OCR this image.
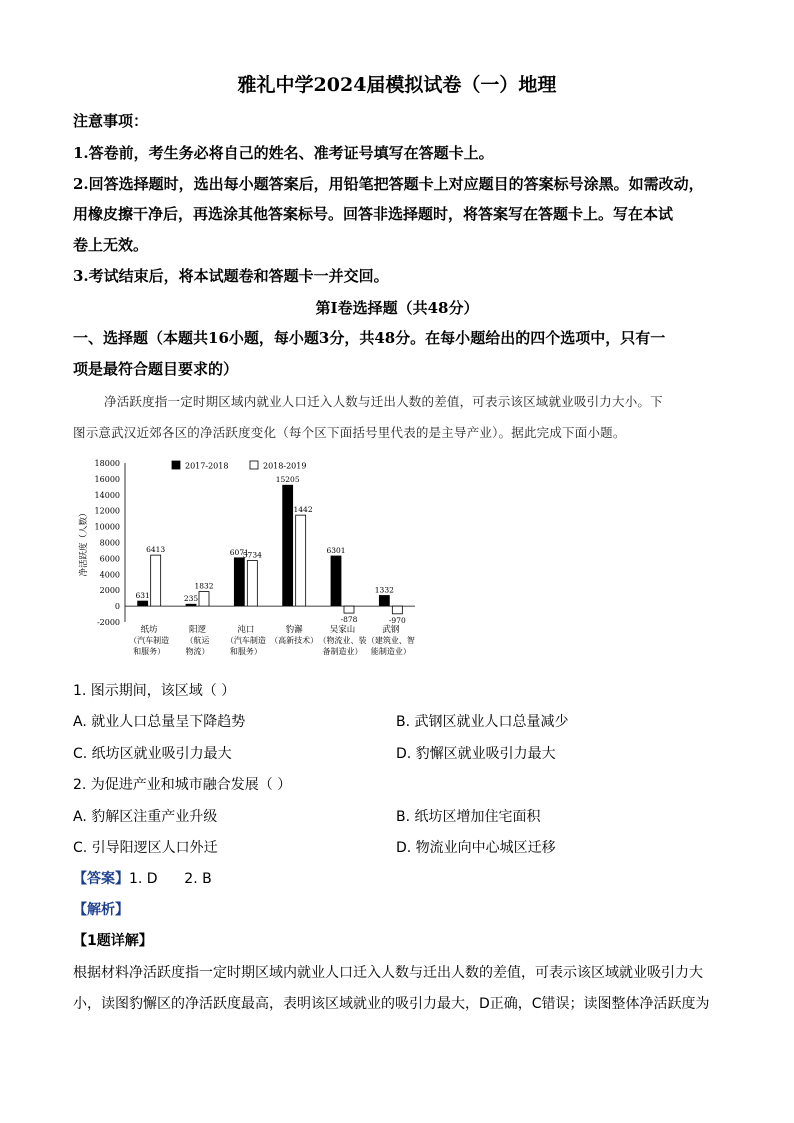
雅礼中学2024届模拟试卷（一）地理
注意事项：
1.答卷前，考生务必将自己的姓名、准考证号填写在答题卡上。
2.回答选择题时，选出每小题答案后，用铅笔把答题卡上对应题目的答案标号涂黑。如需改动，
用橡皮擦干净后，再选涂其他答案标号。回答非选择题时，将答案写在答题卡上。写在本试
卷上无效。
3.考试结束后，将本试题卷和答题卡一并交回。
第Ⅰ卷选择题（共48分）
一、选择题（本题共16小题，每小题3分，共48分。在每小题给出的四个选项中，只有一
项是最符合题目要求的）
净活跃度指一定时期区域内就业人口迁入人数与迁出人数的差值，可表示该区域就业吸引力大小。下
图示意武汉近郊各区的净活跃度变化（每个区下面括号里代表的是主导产业）。据此完成下面小题。
18000
16000
14000
12000
10000
8000
6000
4000
2000
0
-2000
净活跃度（人数）
2017-2018	2018-2019
631
6413
纸坊
（汽车制造
和服务）
235
1832
阳逻
（航运
物流）
6071
5734
沌口
（汽车制造
和服务）
15205
11442
豹澥
（高新技术）
6301
-878
吴家山
（物流业、装
备制造业）
1332
-970
武钢
（建筑业、智
能制造业）
1. 图示期间，该区域（ ）
A. 就业人口总量呈下降趋势	B. 武钢区就业人口总量减少
C. 纸坊区就业吸引力最大	D. 豹懈区就业吸引力最大
2. 为促进产业和城市融合发展（ ）
A. 豹解区注重产业升级	B. 纸坊区增加住宅面积
C. 引导阳逻区人口外迁	D. 物流业向中心城区迁移
【答案】1. D      2. B
【解析】
【1题详解】
根据材料净活跃度指一定时期区域内就业人口迁入人数与迁出人数的差值，可表示该区域就业吸引力大
小，读图豹懈区的净活跃度最高，表明该区域就业的吸引力最大，D正确，C错误；读图整体净活跃度为
